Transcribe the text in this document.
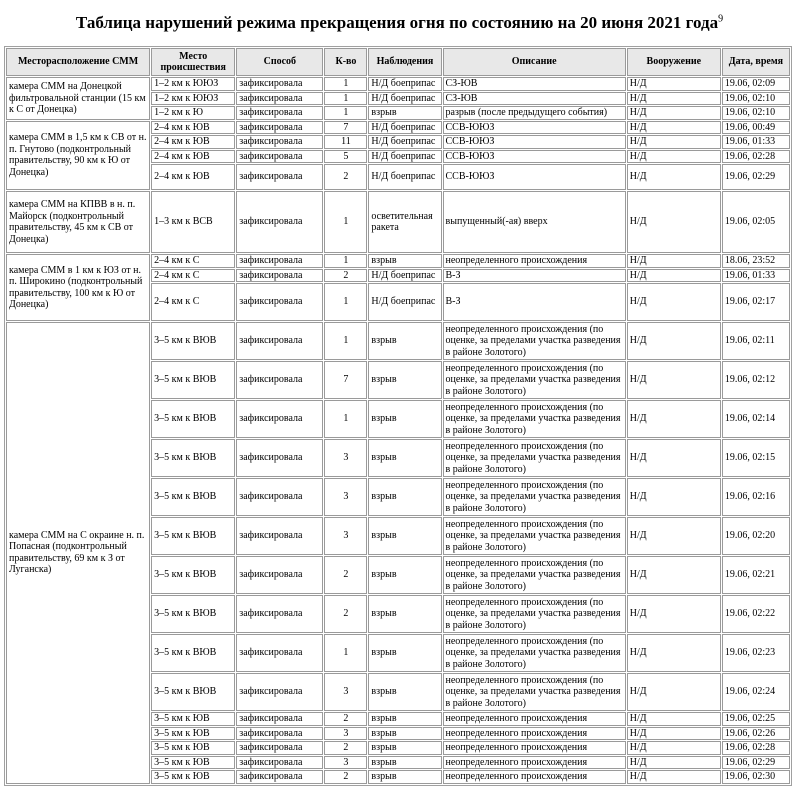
Таблица нарушений режима прекращения огня по состоянию на 20 июня 2021 года$^9$
Месторасположение СММ	Место происшествия	Способ	К-во	Наблюдения	Описание	Вооружение	Дата, время
камера СММ на Донецкой фильтровальной станции (15 км к С от Донецка)	1–2 км к ЮЮЗ	зафиксировала	1	Н/Д боеприпас	СЗ-ЮВ	Н/Д	19.06, 02:09
	1–2 км к ЮЮЗ	зафиксировала	1	Н/Д боеприпас	СЗ-ЮВ	Н/Д	19.06, 02:10
	1–2 км к Ю	зафиксировала	1	взрыв	разрыв (после предыдущего события)	Н/Д	19.06, 02:10
камера СММ в 1,5 км к СВ от н. п. Гнутово (подконтрольный правительству, 90 км к Ю от Донецка)	2–4 км к ЮВ	зафиксировала	7	Н/Д боеприпас	ССВ-ЮЮЗ	Н/Д	19.06, 00:49
	2–4 км к ЮВ	зафиксировала	11	Н/Д боеприпас	ССВ-ЮЮЗ	Н/Д	19.06, 01:33
	2–4 км к ЮВ	зафиксировала	5	Н/Д боеприпас	ССВ-ЮЮЗ	Н/Д	19.06, 02:28
	2–4 км к ЮВ	зафиксировала	2	Н/Д боеприпас	ССВ-ЮЮЗ	Н/Д	19.06, 02:29
камера СММ на КПВВ в н. п. Майорск (подконтрольный правительству, 45 км к СВ от Донецка)	1–3 км к ВСВ	зафиксировала	1	осветительная ракета	выпущенный(-ая) вверх	Н/Д	19.06, 02:05
камера СММ в 1 км к ЮЗ от н. п. Широкино (подконтрольный правительству, 100 км к Ю от Донецка)	2–4 км к С	зафиксировала	1	взрыв	неопределенного происхождения	Н/Д	18.06, 23:52
	2–4 км к С	зафиксировала	2	Н/Д боеприпас	В-З	Н/Д	19.06, 01:33
	2–4 км к С	зафиксировала	1	Н/Д боеприпас	В-З	Н/Д	19.06, 02:17
камера СММ на С окраине н. п. Попасная (подконтрольный правительству, 69 км к З от Луганска)	3–5 км к ВЮВ	зафиксировала	1	взрыв	неопределенного происхождения (по оценке, за пределами участка разведения в районе Золотого)	Н/Д	19.06, 02:11
	3–5 км к ВЮВ	зафиксировала	7	взрыв	неопределенного происхождения (по оценке, за пределами участка разведения в районе Золотого)	Н/Д	19.06, 02:12
	3–5 км к ВЮВ	зафиксировала	1	взрыв	неопределенного происхождения (по оценке, за пределами участка разведения в районе Золотого)	Н/Д	19.06, 02:14
	3–5 км к ВЮВ	зафиксировала	3	взрыв	неопределенного происхождения (по оценке, за пределами участка разведения в районе Золотого)	Н/Д	19.06, 02:15
	3–5 км к ВЮВ	зафиксировала	3	взрыв	неопределенного происхождения (по оценке, за пределами участка разведения в районе Золотого)	Н/Д	19.06, 02:16
	3–5 км к ВЮВ	зафиксировала	3	взрыв	неопределенного происхождения (по оценке, за пределами участка разведения в районе Золотого)	Н/Д	19.06, 02:20
	3–5 км к ВЮВ	зафиксировала	2	взрыв	неопределенного происхождения (по оценке, за пределами участка разведения в районе Золотого)	Н/Д	19.06, 02:21
	3–5 км к ВЮВ	зафиксировала	2	взрыв	неопределенного происхождения (по оценке, за пределами участка разведения в районе Золотого)	Н/Д	19.06, 02:22
	3–5 км к ВЮВ	зафиксировала	1	взрыв	неопределенного происхождения (по оценке, за пределами участка разведения в районе Золотого)	Н/Д	19.06, 02:23
	3–5 км к ВЮВ	зафиксировала	3	взрыв	неопределенного происхождения (по оценке, за пределами участка разведения в районе Золотого)	Н/Д	19.06, 02:24
	3–5 км к ЮВ	зафиксировала	2	взрыв	неопределенного происхождения	Н/Д	19.06, 02:25
	3–5 км к ЮВ	зафиксировала	3	взрыв	неопределенного происхождения	Н/Д	19.06, 02:26
	3–5 км к ЮВ	зафиксировала	2	взрыв	неопределенного происхождения	Н/Д	19.06, 02:28
	3–5 км к ЮВ	зафиксировала	3	взрыв	неопределенного происхождения	Н/Д	19.06, 02:29
	3–5 км к ЮВ	зафиксировала	2	взрыв	неопределенного происхождения	Н/Д	19.06, 02:30
